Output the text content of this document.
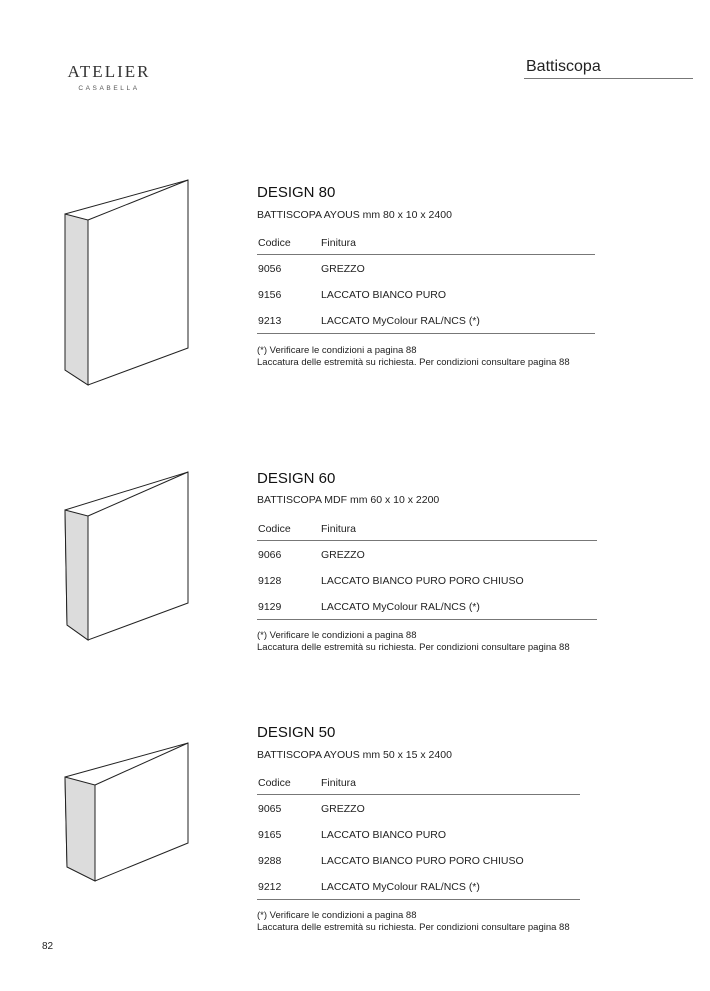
ATELIER
CASABELLA
Battiscopa
DESIGN 80
BATTISCOPA AYOUS mm 80 x 10 x 2400
Codice	Finitura
9056	GREZZO
9156	LACCATO BIANCO PURO
9213	LACCATO MyColour RAL/NCS (*)
(*) Verificare le condizioni a pagina 88
Laccatura delle estremità su richiesta. Per condizioni consultare pagina 88
DESIGN 60
BATTISCOPA MDF mm 60 x 10 x 2200
Codice	Finitura
9066	GREZZO
9128	LACCATO BIANCO PURO PORO CHIUSO
9129	LACCATO MyColour RAL/NCS (*)
(*) Verificare le condizioni a pagina 88
Laccatura delle estremità su richiesta. Per condizioni consultare pagina 88
DESIGN 50
BATTISCOPA AYOUS mm 50 x 15 x 2400
Codice	Finitura
9065	GREZZO
9165	LACCATO BIANCO PURO
9288	LACCATO BIANCO PURO PORO CHIUSO
9212	LACCATO MyColour RAL/NCS (*)
(*) Verificare le condizioni a pagina 88
Laccatura delle estremità su richiesta. Per condizioni consultare pagina 88
82
